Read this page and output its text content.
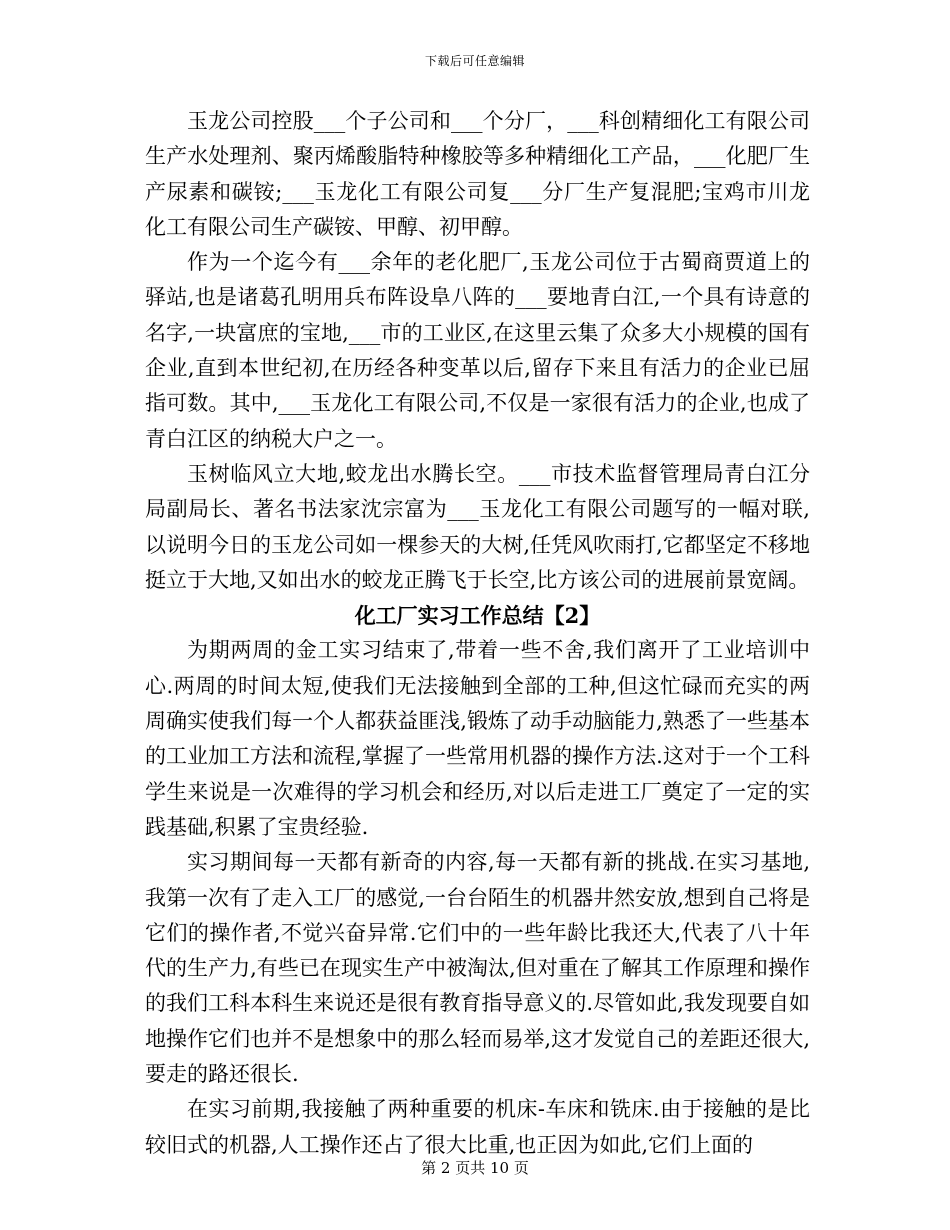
下载后可任意编辑

玉龙公司控股___个子公司和___个分厂，___科创精细化工有限公司生产水处理剂、聚丙烯酸脂特种橡胶等多种精细化工产品，___化肥厂生产尿素和碳铵;___玉龙化工有限公司复___分厂生产复混肥;宝鸡市川龙化工有限公司生产碳铵、甲醇、初甲醇。

作为一个迄今有___余年的老化肥厂,玉龙公司位于古蜀商贾道上的驿站,也是诸葛孔明用兵布阵设阜八阵的___要地青白江,一个具有诗意的名字,一块富庶的宝地,___市的工业区,在这里云集了众多大小规模的国有企业,直到本世纪初,在历经各种变革以后,留存下来且有活力的企业已屈指可数。其中,___玉龙化工有限公司,不仅是一家很有活力的企业,也成了青白江区的纳税大户之一。

玉树临风立大地,蛟龙出水腾长空。___市技术监督管理局青白江分局副局长、著名书法家沈宗富为___玉龙化工有限公司题写的一幅对联,以说明今日的玉龙公司如一棵参天的大树,任凭风吹雨打,它都坚定不移地挺立于大地,又如出水的蛟龙正腾飞于长空,比方该公司的进展前景宽阔。

化工厂实习工作总结【2】

为期两周的金工实习结束了,带着一些不舍,我们离开了工业培训中心.两周的时间太短,使我们无法接触到全部的工种,但这忙碌而充实的两周确实使我们每一个人都获益匪浅,锻炼了动手动脑能力,熟悉了一些基本的工业加工方法和流程,掌握了一些常用机器的操作方法.这对于一个工科学生来说是一次难得的学习机会和经历,对以后走进工厂奠定了一定的实践基础,积累了宝贵经验.

实习期间每一天都有新奇的内容,每一天都有新的挑战.在实习基地,我第一次有了走入工厂的感觉,一台台陌生的机器井然安放,想到自己将是它们的操作者,不觉兴奋异常.它们中的一些年龄比我还大,代表了八十年代的生产力,有些已在现实生产中被淘汰,但对重在了解其工作原理和操作的我们工科本科生来说还是很有教育指导意义的.尽管如此,我发现要自如地操作它们也并不是想象中的那么轻而易举,这才发觉自己的差距还很大,要走的路还很长.

在实习前期,我接触了两种重要的机床-车床和铣床.由于接触的是比较旧式的机器,人工操作还占了很大比重,也正因为如此,它们上面的

第 2 页共 10 页
